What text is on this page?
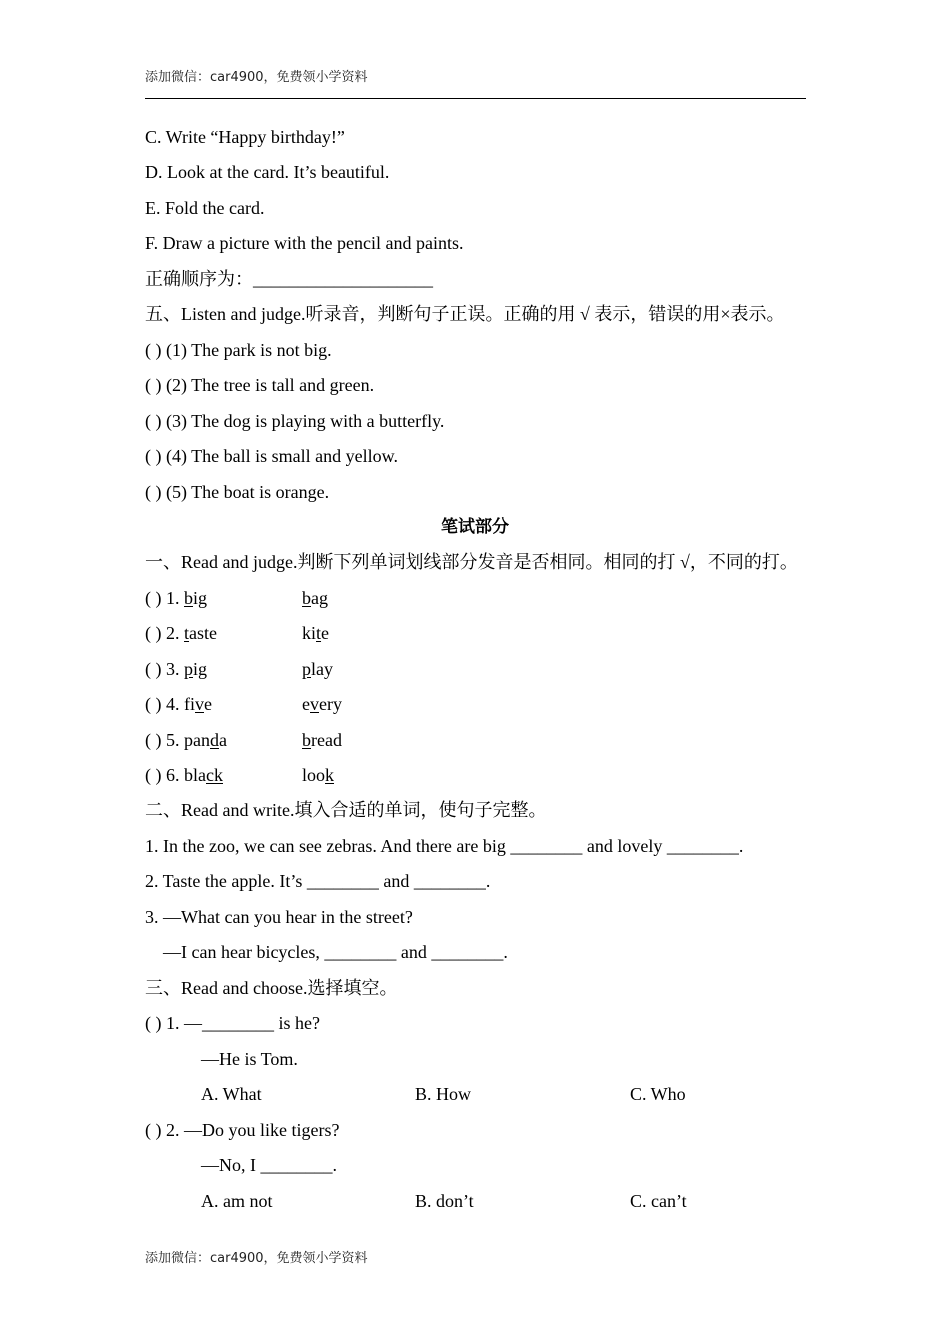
添加微信：car4900，免费领小学资料
C. Write “Happy birthday!”
D. Look at the card. It’s beautiful.
E. Fold the card.
F. Draw a picture with the pencil and paints.
正确顺序为：____________________
五、Listen and judge.听录音，判断句子正误。正确的用 √ 表示，错误的用×表示。
( ) (1) The park is not big.
( ) (2) The tree is tall and green.
( ) (3) The dog is playing with a butterfly.
( ) (4) The ball is small and yellow.
( ) (5) The boat is orange.
笔试部分
一、Read and judge.判断下列单词划线部分发音是否相同。相同的打 √，不同的打。
( ) 1. big	bag
( ) 2. taste	kite
( ) 3. pig	play
( ) 4. five	every
( ) 5. panda	bread
( ) 6. black	look
二、Read and write.填入合适的单词，使句子完整。
1. In the zoo, we can see zebras. And there are big ________ and lovely ________.
2. Taste the apple. It’s ________ and ________.
3. —What can you hear in the street?
—I can hear bicycles, ________ and ________.
三、Read and choose.选择填空。
( ) 1. —________ is he?
—He is Tom.
A. What	B. How	C. Who
( ) 2. —Do you like tigers?
—No, I ________.
A. am not	B. don’t	C. can’t
添加微信：car4900，免费领小学资料
